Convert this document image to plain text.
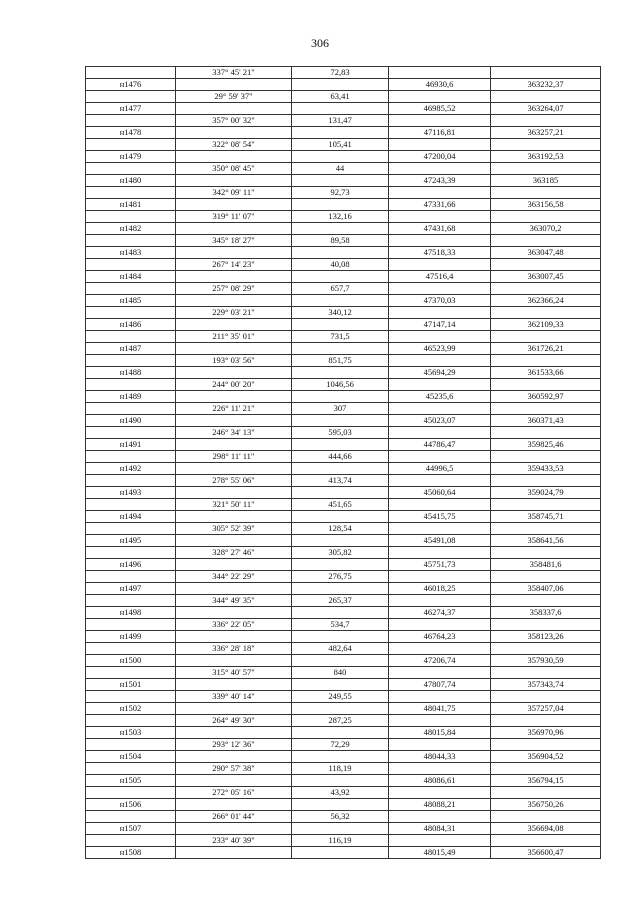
306
	337° 45' 21"	72,83		
н1476			46930,6	363232,37
	29° 59' 37"	63,41		
н1477			46985,52	363264,07
	357° 00' 32"	131,47		
н1478			47116,81	363257,21
	322° 08' 54"	105,41		
н1479			47200,04	363192,53
	350° 08' 45"	44		
н1480			47243,39	363185
	342° 09' 11"	92,73		
н1481			47331,66	363156,58
	319° 11' 07"	132,16		
н1482			47431,68	363070,2
	345° 18' 27"	89,58		
н1483			47518,33	363047,48
	267° 14' 23"	40,08		
н1484			47516,4	363007,45
	257° 08' 29"	657,7		
н1485			47370,03	362366,24
	229° 03' 21"	340,12		
н1486			47147,14	362109,33
	211° 35' 01"	731,5		
н1487			46523,99	361726,21
	193° 03' 56"	851,75		
н1488			45694,29	361533,66
	244° 00' 20"	1046,56		
н1489			45235,6	360592,97
	226° 11' 21"	307		
н1490			45023,07	360371,43
	246° 34' 13"	595,03		
н1491			44786,47	359825,46
	298° 11' 11"	444,66		
н1492			44996,5	359433,53
	278° 55' 06"	413,74		
н1493			45060,64	359024,79
	321° 50' 11"	451,65		
н1494			45415,75	358745,71
	305° 52' 39"	128,54		
н1495			45491,08	358641,56
	328° 27' 46"	305,82		
н1496			45751,73	358481,6
	344° 22' 29"	276,75		
н1497			46018,25	358407,06
	344° 49' 35"	265,37		
н1498			46274,37	358337,6
	336° 22' 05"	534,7		
н1499			46764,23	358123,26
	336° 28' 18"	482,64		
н1500			47206,74	357930,59
	315° 40' 57"	840		
н1501			47807,74	357343,74
	339° 40' 14"	249,55		
н1502			48041,75	357257,04
	264° 49' 30"	287,25		
н1503			48015,84	356970,96
	293° 12' 36"	72,29		
н1504			48044,33	356904,52
	290° 57' 38"	118,19		
н1505			48086,61	356794,15
	272° 05' 16"	43,92		
н1506			48088,21	356750,26
	266° 01' 44"	56,32		
н1507			48084,31	356694,08
	233° 40' 39"	116,19		
н1508			48015,49	356600,47
